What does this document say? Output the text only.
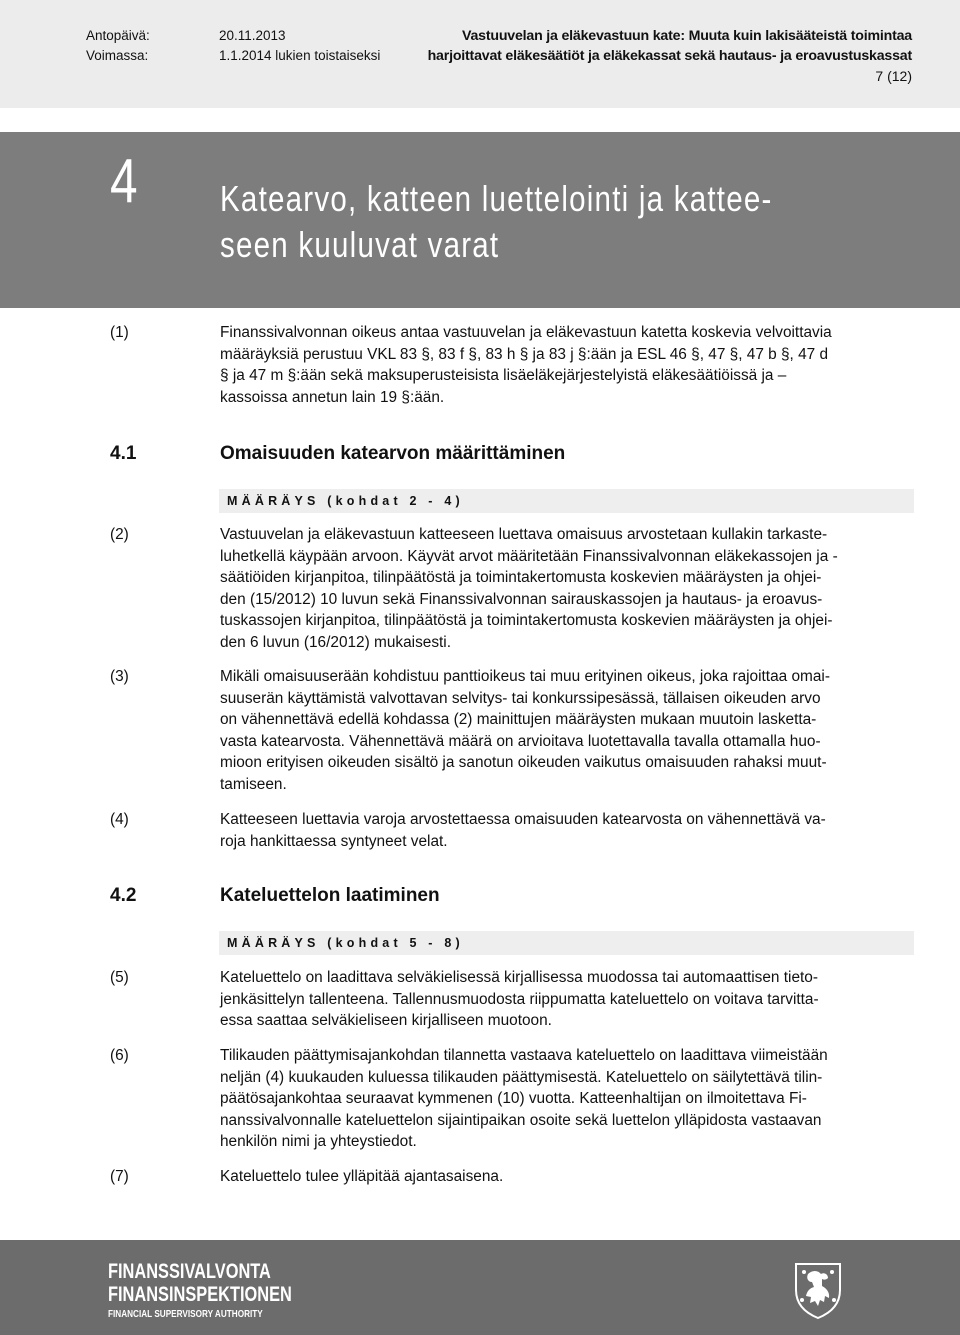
Antopäivä:	20.11.2013
Voimassa:	1.1.2014 lukien toistaiseksi
Vastuuvelan ja eläkevastuun kate: Muuta kuin lakisääteistä toimintaa
harjoittavat eläkesäätiöt ja eläkekassat sekä hautaus- ja eroavustuskassat
7 (12)
4 Katearvo, katteen luettelointi ja kattee-
seen kuuluvat varat
(1)	Finanssivalvonnan oikeus antaa vastuuvelan ja eläkevastuun katetta koskevia velvoittavia
määräyksiä perustuu VKL 83 §, 83 f §, 83 h § ja 83 j §:ään ja ESL 46 §, 47 §, 47 b §, 47 d
§ ja 47 m §:ään sekä maksuperusteisista lisäeläkejärjestelyistä eläkesäätiöissä ja –
kassoissa annetun lain 19 §:ään.
4.1	Omaisuuden katearvon määrittäminen
MÄÄRÄYS (kohdat 2 - 4)
(2)	Vastuuvelan ja eläkevastuun katteeseen luettava omaisuus arvostetaan kullakin tarkaste-
luhetkellä käypään arvoon. Käyvät arvot määritetään Finanssivalvonnan eläkekassojen ja -
säätiöiden kirjanpitoa, tilinpäätöstä ja toimintakertomusta koskevien määräysten ja ohjei-
den (15/2012) 10 luvun sekä Finanssivalvonnan sairauskassojen ja hautaus- ja eroavus-
tuskassojen kirjanpitoa, tilinpäätöstä ja toimintakertomusta koskevien määräysten ja ohjei-
den 6 luvun (16/2012) mukaisesti.
(3)	Mikäli omaisuuserään kohdistuu panttioikeus tai muu erityinen oikeus, joka rajoittaa omai-
suuserän käyttämistä valvottavan selvitys- tai konkurssipesässä, tällaisen oikeuden arvo
on vähennettävä edellä kohdassa (2) mainittujen määräysten mukaan muutoin laskettа-
vasta katearvosta. Vähennettävä määrä on arvioitava luotettavalla tavalla ottamalla huo-
mioon erityisen oikeuden sisältö ja sanotun oikeuden vaikutus omaisuuden rahaksi muut-
tamiseen.
(4)	Katteeseen luettavia varoja arvostettaessa omaisuuden katearvosta on vähennettävä va-
roja hankittaessa syntyneet velat.
4.2	Kateluettelon laatiminen
MÄÄRÄYS (kohdat 5 - 8)
(5)	Kateluettelo on laadittava selväkielisessä kirjallisessa muodossa tai automaattisen tieto-
jenkäsittelyn tallenteena. Tallennusmuodosta riippumatta kateluettelo on voitava tarvitta-
essa saattaa selväkieliseen kirjalliseen muotoon.
(6)	Tilikauden päättymisajankohdan tilannetta vastaava kateluettelo on laadittava viimeistään
neljän (4) kuukauden kuluessa tilikauden päättymisestä. Kateluettelo on säilytettävä tilin-
päätösajankohtaa seuraavat kymmenen (10) vuotta. Katteenhaltijan on ilmoitettava Fi-
nanssivalvonnalle kateluettelon sijaintipaikan osoite sekä luettelon ylläpidosta vastaavan
henkilön nimi ja yhteystiedot.
(7)	Kateluettelo tulee ylläpitää ajantasaisena.
FINANSSIVALVONTA
FINANSINSPEKTIONEN
FINANCIAL SUPERVISORY AUTHORITY
